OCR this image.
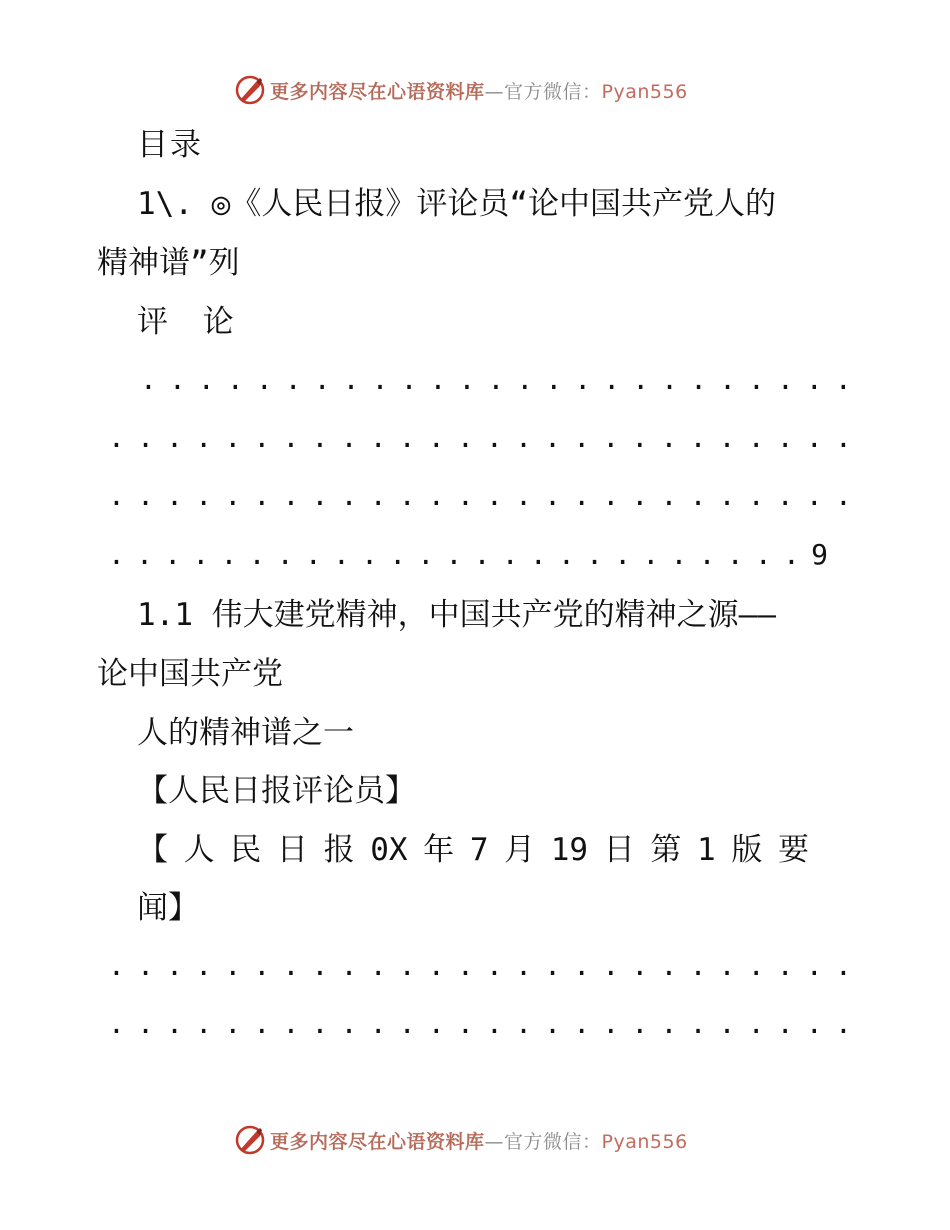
更多内容尽在心语资料库—官方微信：Pyan556
目录
1\. ◎《人民日报》评论员“论中国共产党人的
精神谱”列
评 论
. . . . . . . . . . . . . . . . . . . . . . . . .
. . . . . . . . . . . . . . . . . . . . . . . . . .
. . . . . . . . . . . . . . . . . . . . . . . . . .
. . . . . . . . . . . . . . . . . . . . . . . . . 9
1.1 伟大建党精神，中国共产党的精神之源——
论中国共产党
人的精神谱之一
【人民日报评论员】
【 人 民 日 报 0X 年 7 月 19 日 第 1 版 要
闻】
. . . . . . . . . . . . . . . . . . . . . . . . . .
. . . . . . . . . . . . . . . . . . . . . . . . . .
更多内容尽在心语资料库—官方微信：Pyan556
